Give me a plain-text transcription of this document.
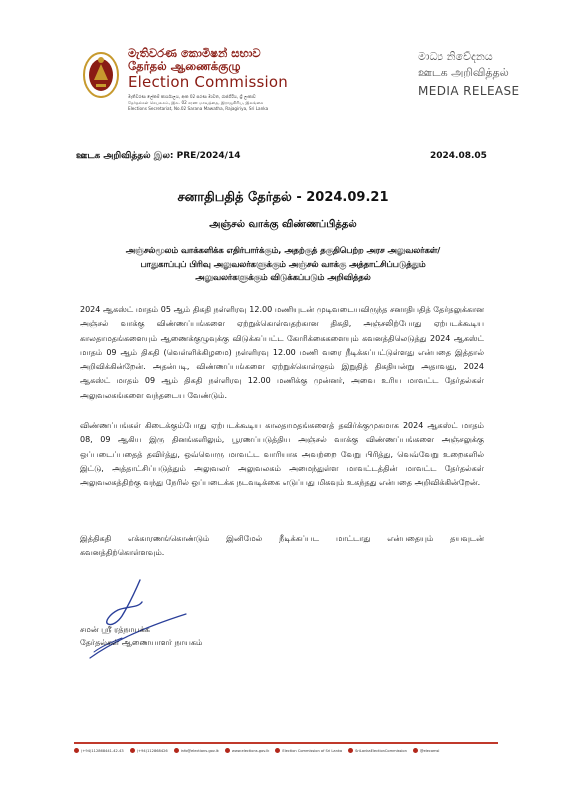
මැතිවරණ කොමිෂන් සභාව
தேர்தல் ஆணைக்குழு
Election Commission
මැතිවරණ ලේකම් කාර්යාලය, අංක 02 සරණ මාවත, රාජගිරිය, ශ්‍රී ලංකාව
தேர்தல்கள் செயலகம், இல. 02 சரண மாவத்தை, இராஜகிரிய, இலங்கை
Elections Secretariat, No.02 Sarana Mawatha, Rajagiriya, Sri Lanka
මාධ්‍ය නිවේදනය
ஊடக அறிவித்தல்
MEDIA RELEASE
ஊடக அறிவித்தல் இல: PRE/2024/14	2024.08.05
சனாதிபதித் தேர்தல் - 2024.09.21
அஞ்சல் வாக்கு விண்ணப்பித்தல்
அஞ்சல்மூலம் வாக்களிக்க எதிர்பார்க்கும், அதற்குத் தகுதிபெற்ற அரச அலுவலர்கள்/
பாதுகாப்புப் பிரிவு அலுவலர்களுக்கும் அஞ்சல் வாக்கு அத்தாட்சிப்படுத்தும்
அலுவலர்களுக்கும் விடுக்கப்படும் அறிவித்தல்

2024 ஆகஸ்ட் மாதம் 05 ஆம் திகதி நள்ளிரவு 12.00 மணியுடன் முடிவடையவிருந்த சனாதிபதித் தேர்தலுக்கான அஞ்சல் வாக்கு விண்ணப்பங்களை ஏற்றுக்கொள்வதற்கான திகதி, அஞ்சலிற்போது ஏற்படக்கூடிய காலதாமதங்களையும் ஆணைக்குழுவுக்கு விடுக்கப்பட்ட கோரிக்கைகளையும் கவனத்திலெடுத்து 2024 ஆகஸ்ட் மாதம் 09 ஆம் திகதி (வெள்ளிக்கிழமை) நள்ளிரவு 12.00 மணி வரை நீடிக்கப்பட்டுள்ளது என்பதை இத்தால் அறிவிக்கின்றேன். அதன்படி, விண்ணப்பங்களை ஏற்றுக்கொள்ளும் இறுதித் திகதியன்று அதாவது, 2024 ஆகஸ்ட் மாதம் 09 ஆம் திகதி நள்ளிரவு 12.00 மணிக்கு முன்னர், அவை உரிய மாவட்ட தேர்தல்கள் அலுவலகங்களை வந்தடைய வேண்டும்.

விண்ணப்பங்கள் கிடைக்கும்போது ஏற்படக்கூடிய காலதாமதங்களைத் தவிர்க்குமுகமாக 2024 ஆகஸ்ட் மாதம் 08, 09 ஆகிய இரு தினங்களிலும், பூரணப்படுத்திய அஞ்சல் வாக்கு விண்ணப்பங்களை அஞ்சலுக்கு ஒப்படைப்பதைத் தவிர்த்து, ஒவ்வொரு மாவட்ட வாரியாக அவற்றை வேறு பிரித்து, வெவ்வேறு உறைகளில் இட்டு, அத்தாட்சிப்படுத்தும் அலுவலர் அலுவலகம் அமைந்துள்ள மாவட்டத்தின் மாவட்ட தேர்தல்கள் அலுவலகத்திற்கு வந்து நேரில் ஒப்படைக்க நடவடிக்கை எடுப்பது மிகவும் உகந்தது என்பதை அறிவிக்கின்றேன்.

இத்திகதி எக்காரணங்கொண்டும் இனிமேல் நீடிக்கப்பட மாட்டாது என்பதையும் தயவுடன் கவனத்திற்கொள்ளவும்.

சமன் ஸ்ரீ ரத்நாயக்க
தேர்தல்கள் ஆணையாளர் நாயகம்
(+94)112868441-42-43	(+94)112868426	info@elections.gov.lk	www.elections.gov.lk	Election Commission of Sri Lanka	SriLankaElectionCommission	@elecomsl
